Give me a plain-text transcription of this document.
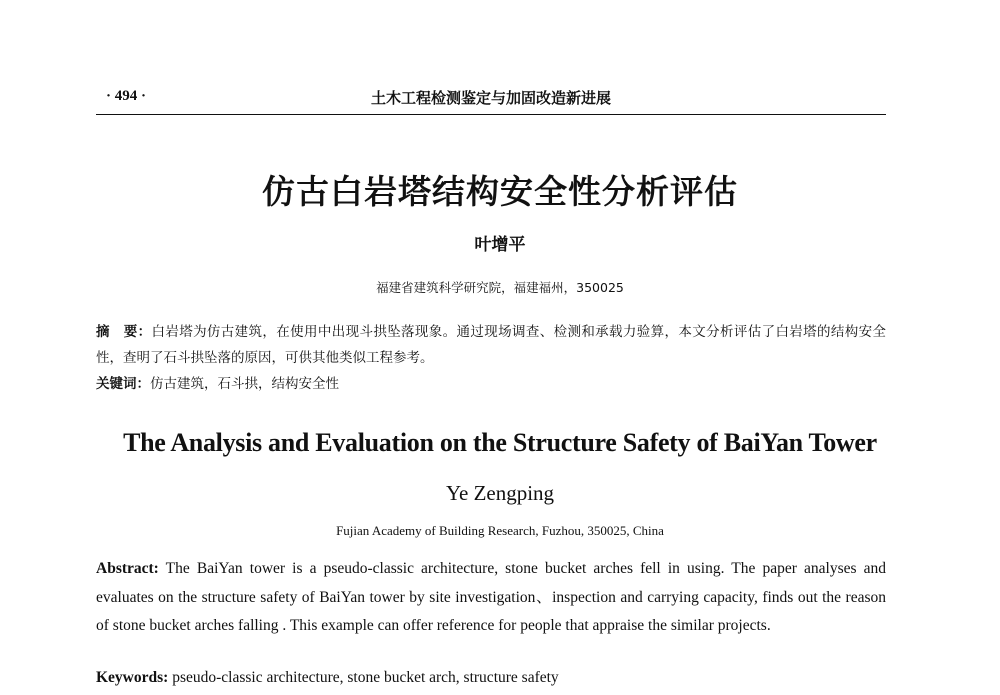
· 494 ·	土木工程检测鉴定与加固改造新进展
仿古白岩塔结构安全性分析评估
叶增平
福建省建筑科学研究院，福建福州，350025
摘　要：白岩塔为仿古建筑，在使用中出现斗拱坠落现象。通过现场调查、检测和承载力验算，本文分析评估了白岩塔的结构安全性，查明了石斗拱坠落的原因，可供其他类似工程参考。
关键词：仿古建筑，石斗拱，结构安全性
The Analysis and Evaluation on the Structure Safety of BaiYan Tower
Ye Zengping
Fujian Academy of Building Research, Fuzhou, 350025, China
Abstract: The BaiYan tower is a pseudo-classic architecture, stone bucket arches fell in using. The paper analyses and evaluates on the structure safety of BaiYan tower by site investigation、inspection and carrying capacity, finds out the reason of stone bucket arches falling . This example can offer reference for people that appraise the similar projects.
Keywords: pseudo-classic architecture, stone bucket arch, structure safety
